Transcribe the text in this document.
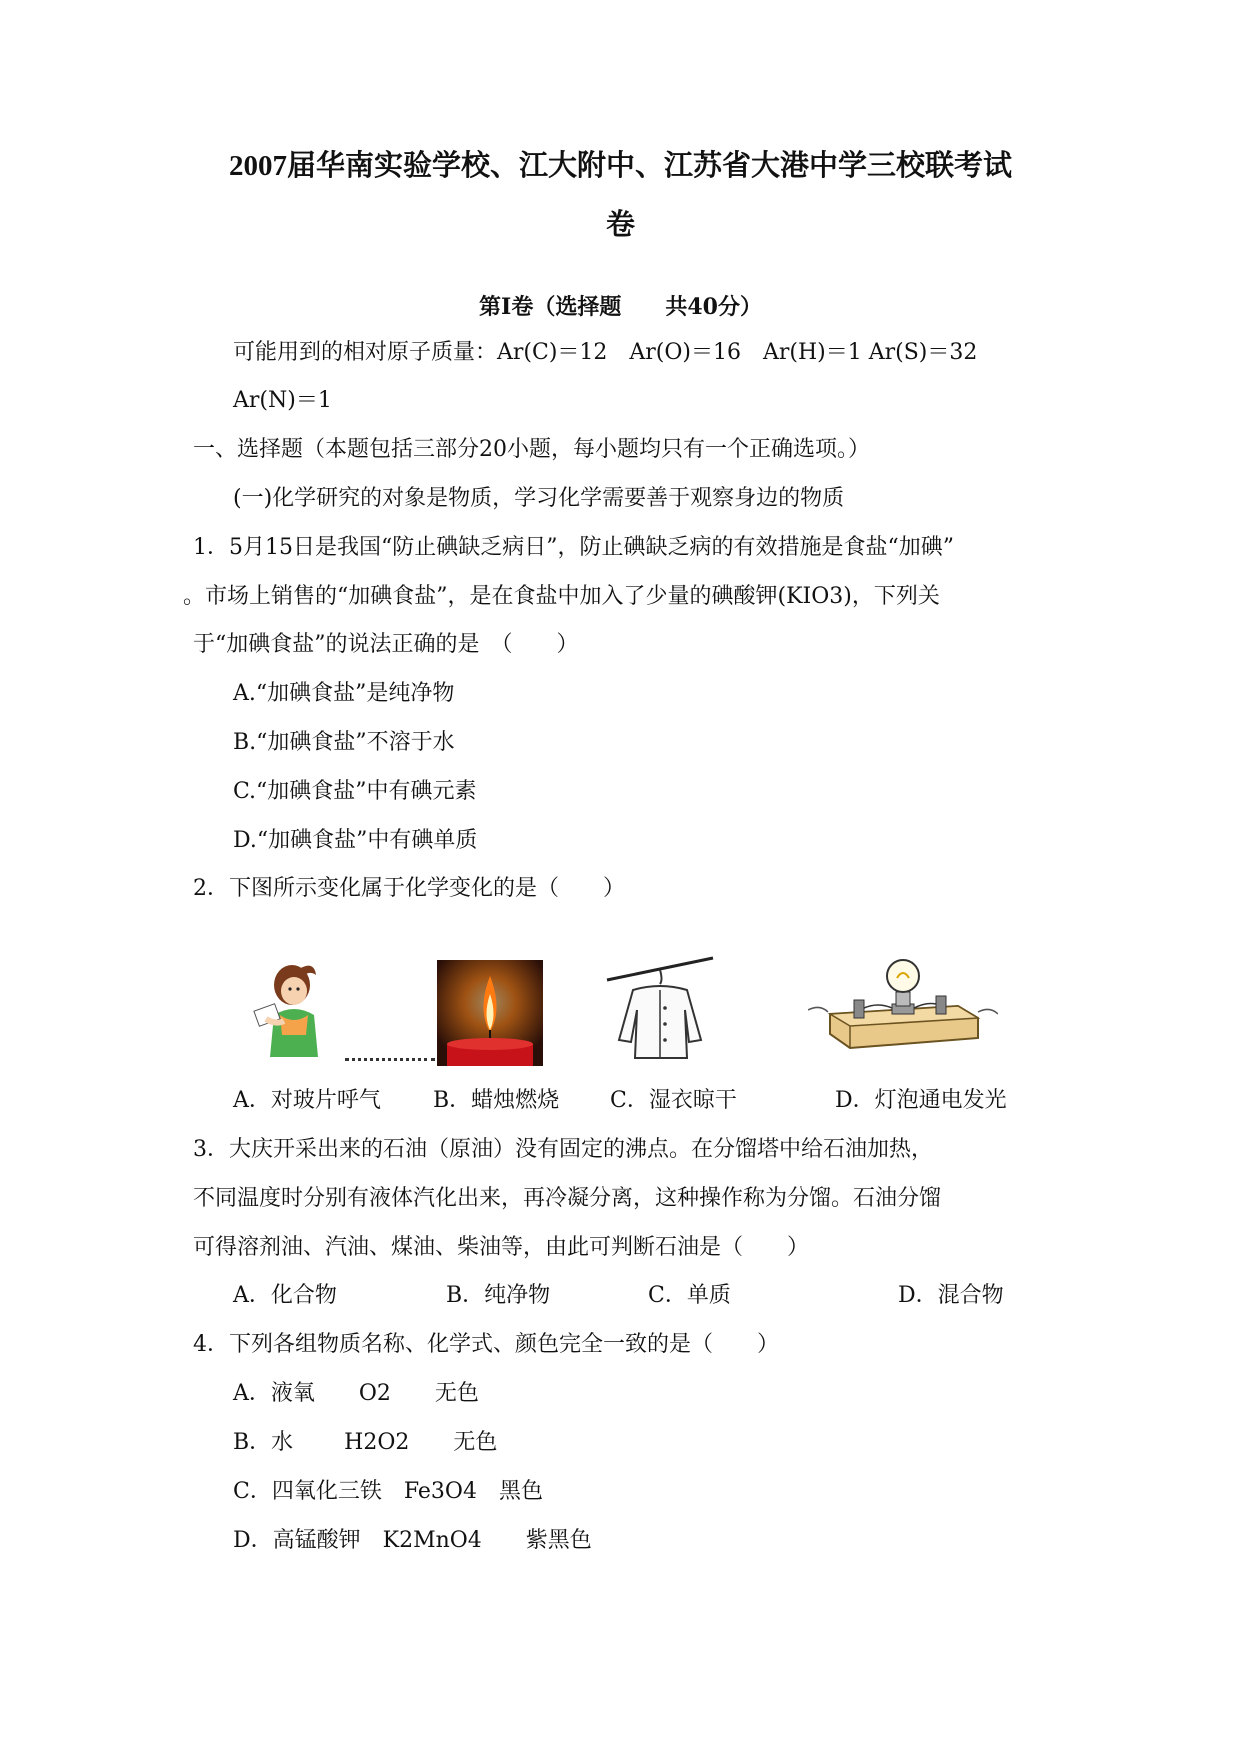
2007届华南实验学校、江大附中、江苏省大港中学三校联考试
卷
第I卷（选择题　　共40分）
可能用到的相对原子质量：Ar(C)＝12　Ar(O)＝16　Ar(H)＝1 Ar(S)＝32
Ar(N)＝1
一、选择题（本题包括三部分20小题，每小题均只有一个正确选项。）
(一)化学研究的对象是物质，学习化学需要善于观察身边的物质
1．5月15日是我国“防止碘缺乏病日”，防止碘缺乏病的有效措施是食盐“加碘”
。市场上销售的“加碘食盐”，是在食盐中加入了少量的碘酸钾(KIO3)，下列关
于“加碘食盐”的说法正确的是　（　　）
A.“加碘食盐”是纯净物
B.“加碘食盐”不溶于水
C.“加碘食盐”中有碘元素
D.“加碘食盐”中有碘单质
2．下图所示变化属于化学变化的是（　　）
A．对玻片呼气 B．蜡烛燃烧 C．湿衣晾干	D．灯泡通电发光
3．大庆开采出来的石油（原油）没有固定的沸点。在分馏塔中给石油加热，
不同温度时分别有液体汽化出来，再冷凝分离，这种操作称为分馏。石油分馏
可得溶剂油、汽油、煤油、柴油等，由此可判断石油是（　　）
A．化合物	B．纯净物	C．单质	D．混合物
4．下列各组物质名称、化学式、颜色完全一致的是（　　）
A．液氧　　O2　　无色
B．水　　 H2O2　　无色
C．四氧化三铁　Fe3O4　黑色
D．高锰酸钾　K2MnO4　　紫黑色
